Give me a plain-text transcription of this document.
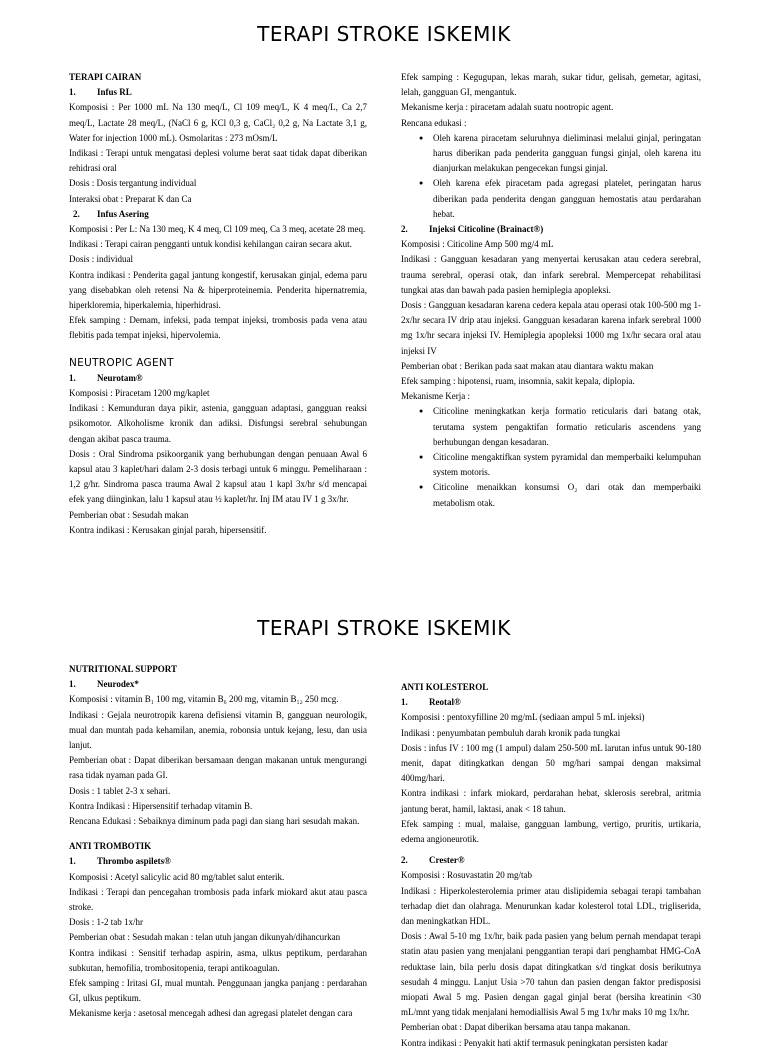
TERAPI STROKE ISKEMIK

TERAPI CAIRAN

1. Infus RL

Komposisi : Per 1000 mL Na 130 meq/L, Cl 109 meq/L, K 4 meq/L, Ca 2,7 meq/L, Lactate 28 meq/L, (NaCl 6 g, KCl 0,3 g, CaCl₂ 0,2 g, Na Lactate 3,1 g, Water for injection 1000 mL). Osmolaritas : 273 mOsm/L

Indikasi : Terapi untuk mengatasi deplesi volume berat saat tidak dapat diberikan rehidrasi oral

Dosis : Dosis tergantung individual

Interaksi obat : Preparat K dan Ca

2. Infus Asering

Komposisi : Per L: Na 130 meq, K 4 meq, Cl 109 meq, Ca 3 meq, acetate 28 meq.

Indikasi : Terapi cairan pengganti untuk kondisi kehilangan cairan secara akut.

Dosis : individual

Kontra indikasi : Penderita gagal jantung kongestif, kerusakan ginjal, edema paru yang disebabkan oleh retensi Na & hiperproteinemia. Penderita hipernatremia, hiperkloremia, hiperkalemia, hiperhidrasi.

Efek samping : Demam, infeksi, pada tempat injeksi, trombosis pada vena atau flebitis pada tempat injeksi, hipervolemia.

NEUTROPIC AGENT

1. Neurotam®

Komposisi : Piracetam 1200 mg/kaplet

Indikasi : Kemunduran daya pikir, astenia, gangguan adaptasi, gangguan reaksi psikomotor. Alkoholisme kronik dan adiksi. Disfungsi serebral sehubungan dengan akibat pasca trauma.

Dosis : Oral Sindroma psikoorganik yang berhubungan dengan penuaan Awal 6 kapsul atau 3 kaplet/hari dalam 2-3 dosis terbagi untuk 6 minggu. Pemeliharaan : 1,2 g/hr. Sindroma pasca trauma Awal 2 kapsul atau 1 kapl 3x/hr s/d mencapai efek yang diinginkan, lalu 1 kapsul atau ½ kaplet/hr. Inj IM atau IV 1 g 3x/hr.

Pemberian obat : Sesudah makan

Kontra indikasi : Kerusakan ginjal parah, hipersensitif.

Efek samping : Kegugupan, lekas marah, sukar tidur, gelisah, gemetar, agitasi, lelah, gangguan GI, mengantuk.

Mekanisme kerja : piracetam adalah suatu nootropic agent.

Rencana edukasi :

● Oleh karena piracetam seluruhnya dieliminasi melalui ginjal, peringatan harus diberikan pada penderita gangguan fungsi ginjal, oleh karena itu dianjurkan melakukan pengecekan fungsi ginjal.
● Oleh karena efek piracetam pada agregasi platelet, peringatan harus diberikan pada penderita dengan gangguan hemostatis atau perdarahan hebat.

2. Injeksi Citicoline (Brainact®)

Komposisi : Citicoline Amp 500 mg/4 mL

Indikasi : Gangguan kesadaran yang menyertai kerusakan atau cedera serebral, trauma serebral, operasi otak, dan infark serebral. Mempercepat rehabilitasi tungkai atas dan bawah pada pasien hemiplegia apopleksi.

Dosis : Gangguan kesadaran karena cedera kepala atau operasi otak 100-500 mg 1-2x/hr secara IV drip atau injeksi. Gangguan kesadaran karena infark serebral 1000 mg 1x/hr secara injeksi IV. Hemiplegia apopleksi 1000 mg 1x/hr secara oral atau injeksi IV

Pemberian obat : Berikan pada saat makan atau diantara waktu makan

Efek samping : hipotensi, ruam, insomnia, sakit kepala, diplopia.

Mekanisme Kerja :

● Citicoline meningkatkan kerja formatio reticularis dari batang otak, terutama system pengaktifan formatio reticularis ascendens yang berhubungan dengan kesadaran.
● Citicoline mengaktifkan system pyramidal dan memperbaiki kelumpuhan system motoris.
● Citicoline menaikkan konsumsi O₂ dari otak dan memperbaiki metabolism otak.
TERAPI STROKE ISKEMIK

NUTRITIONAL SUPPORT

1. Neurodex*

Komposisi : vitamin B₁ 100 mg, vitamin B₆ 200 mg, vitamin B₁₂ 250 mcg.

Indikasi : Gejala neurotropik karena defisiensi vitamin B, gangguan neurologik, mual dan muntah pada kehamilan, anemia, robonsia untuk kejang, lesu, dan usia lanjut.

Pemberian obat : Dapat diberikan bersamaan dengan makanan untuk mengurangi rasa tidak nyaman pada GI.

Dosis : 1 tablet 2-3 x sehari.

Kontra Indikasi : Hipersensitif terhadap vitamin B.

Rencana Edukasi : Sebaiknya diminum pada pagi dan siang hari sesudah makan.

ANTI TROMBOTIK

1. Thrombo aspilets®

Komposisi : Acetyl salicylic acid 80 mg/tablet salut enterik.

Indikasi : Terapi dan pencegahan trombosis pada infark miokard akut atau pasca stroke.

Dosis : 1-2 tab 1x/hr

Pemberian obat : Sesudah makan : telan utuh jangan dikunyah/dihancurkan

Kontra indikasi : Sensitif terhadap aspirin, asma, ulkus peptikum, perdarahan subkutan, hemofilia, trombositopenia, terapi antikoagulan.

Efek samping : Iritasi GI, mual muntah. Penggunaan jangka panjang : perdarahan GI, ulkus peptikum.

Mekanisme kerja : asetosal mencegah adhesi dan agregasi platelet dengan cara

ANTI KOLESTEROL

1. Reotal®

Komposisi : pentoxyfilline 20 mg/mL (sediaan ampul 5 mL injeksi)

Indikasi : penyumbatan pembuluh darah kronik pada tungkai

Dosis : infus IV : 100 mg (1 ampul) dalam 250-500 mL larutan infus untuk 90-180 menit, dapat ditingkatkan dengan 50 mg/hari sampai dengan maksimal 400mg/hari.

Kontra indikasi : infark miokard, perdarahan hebat, sklerosis serebral, aritmia jantung berat, hamil, laktasi, anak < 18 tahun.

Efek samping : mual, malaise, gangguan lambung, vertigo, pruritis, urtikaria, edema angioneurotik.

2. Crester®

Komposisi : Rosuvastatin 20 mg/tab

Indikasi : Hiperkolesterolemia primer atau dislipidemia sebagai terapi tambahan terhadap diet dan olahraga. Menurunkan kadar kolesterol total LDL, trigliserida, dan meningkatkan HDL.

Dosis : Awal 5-10 mg 1x/hr, baik pada pasien yang belum pernah mendapat terapi statin atau pasien yang menjalani penggantian terapi dari penghambat HMG-CoA reduktase lain, bila perlu dosis dapat ditingkatkan s/d tingkat dosis berikutnya sesudah 4 minggu. Lanjut Usia >70 tahun dan pasien dengan faktor predisposisi miopati Awal 5 mg. Pasien dengan gagal ginjal berat (bersiha kreatinin <30 mL/mnt yang tidak menjalani hemodiallisis Awal 5 mg 1x/hr maks 10 mg 1x/hr.

Pemberian obat : Dapat diberikan bersama atau tanpa makanan.

Kontra indikasi : Penyakit hati aktif termasuk peningkatan persisten kadar
